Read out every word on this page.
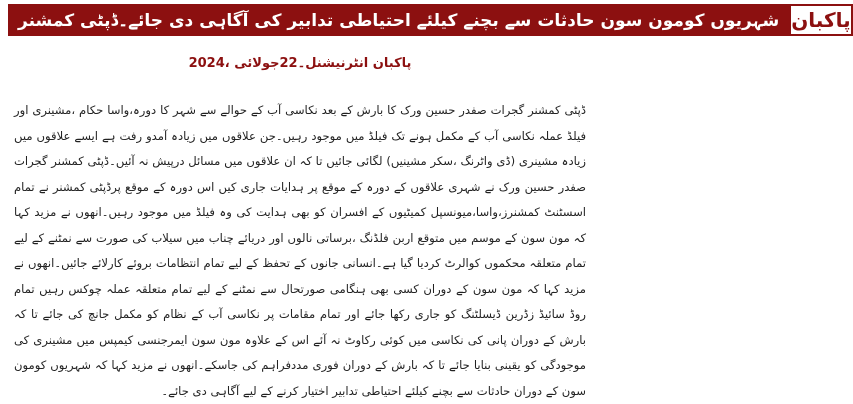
شہریوں کومون سون حادثات سے بچنے کیلئے احتیاطی تدابیر کی آگاہی دی جائے۔ڈپٹی کمشنر پاکبان
پاکبان انٹرنیشنل۔22جولائی ،2024

ڈپٹی کمشنر گجرات صفدر حسین ورک کا بارش کے بعد نکاسی آب کے حوالے سے شہر کا دورہ،واسا حکام ،مشینری اور فیلڈ عملہ نکاسی آب کے مکمل ہونے تک فیلڈ میں موجود رہیں۔جن علاقوں میں زیادہ آمدو رفت ہے ایسے علاقوں میں زیادہ مشینری (ڈی واٹرنگ ،سکر مشینیں) لگائی جائیں تا کہ ان علاقوں میں مسائل درپیش نہ آئیں۔ڈپٹی کمشنر گجرات صفدر حسین ورک نے شہری علاقوں کے دورہ کے موقع پر ہدایات جاری کیں اس دورہ کے موقع پرڈپٹی کمشنر نے تمام اسسٹنٹ کمشنرز،واسا،میونسپل کمیٹیوں کے افسران کو بھی ہدایت کی وہ فیلڈ میں موجود رہیں۔انھوں نے مزید کہا کہ مون سون کے موسم میں متوقع اربن فلڈنگ ،برساتی نالوں اور دریائے چناب میں سیلاب کی صورت سے نمٹنے کے لیے تمام متعلقہ محکموں کوالرٹ کردیا گیا ہے۔انسانی جانوں کے تحفظ کے لیے تمام انتظامات بروئے کارلائے جائیں۔انھوں نے مزید کہا کہ مون سون کے دوران کسی بھی ہنگامی صورتحال سے نمٹنے کے لیے تمام متعلقہ عملہ چوکس رہیں تمام روڈ سائیڈ زڈرین ڈیسلٹنگ کو جاری رکھا جائے اور تمام مقامات پر نکاسی آب کے نظام کو مکمل جانچ کی جائے تا کہ بارش کے دوران پانی کی نکاسی میں کوئی رکاوٹ نہ آئے اس کے علاوہ مون سون ایمرجنسی کیمپس میں مشینری کی موجودگی کو یقینی بنایا جائے تا کہ بارش کے دوران فوری مددفراہم کی جاسکے۔انھوں نے مزید کہا کہ شہریوں کومون سون کے دوران حادثات سے بچنے کیلئے احتیاطی تدابیر اختیار کرنے کے لیے آگاہی دی جائے۔
